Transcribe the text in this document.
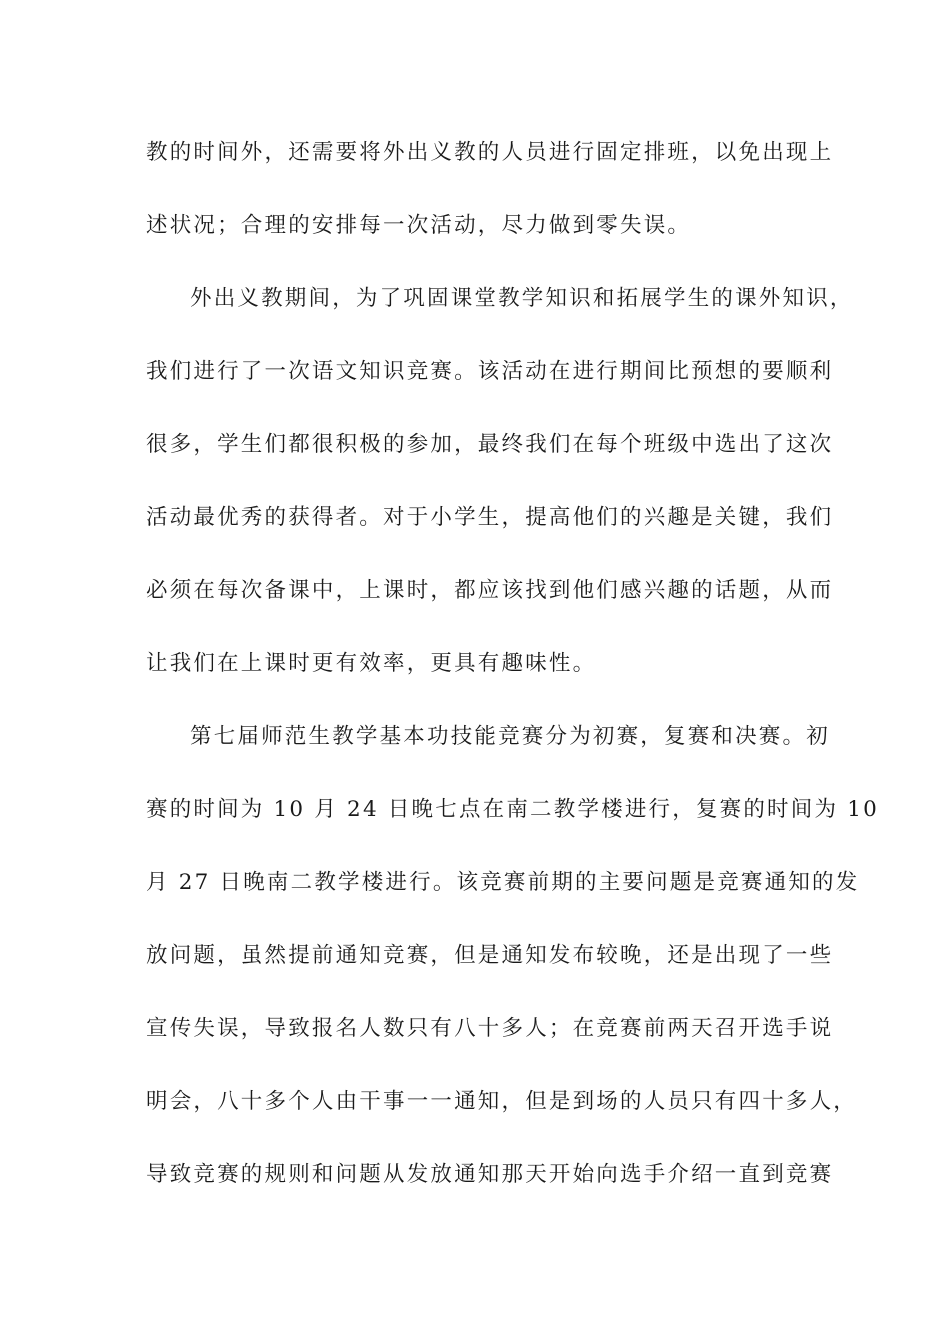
教的时间外，还需要将外出义教的人员进行固定排班，以免出现上
述状况；合理的安排每一次活动，尽力做到零失误。
外出义教期间，为了巩固课堂教学知识和拓展学生的课外知识，
我们进行了一次语文知识竞赛。该活动在进行期间比预想的要顺利
很多，学生们都很积极的参加，最终我们在每个班级中选出了这次
活动最优秀的获得者。对于小学生，提高他们的兴趣是关键，我们
必须在每次备课中，上课时，都应该找到他们感兴趣的话题，从而
让我们在上课时更有效率，更具有趣味性。
第七届师范生教学基本功技能竞赛分为初赛，复赛和决赛。初
赛的时间为 10 月 24 日晚七点在南二教学楼进行，复赛的时间为 10
月 27 日晚南二教学楼进行。该竞赛前期的主要问题是竞赛通知的发
放问题，虽然提前通知竞赛，但是通知发布较晚，还是出现了一些
宣传失误，导致报名人数只有八十多人；在竞赛前两天召开选手说
明会，八十多个人由干事一一通知，但是到场的人员只有四十多人，
导致竞赛的规则和问题从发放通知那天开始向选手介绍一直到竞赛
